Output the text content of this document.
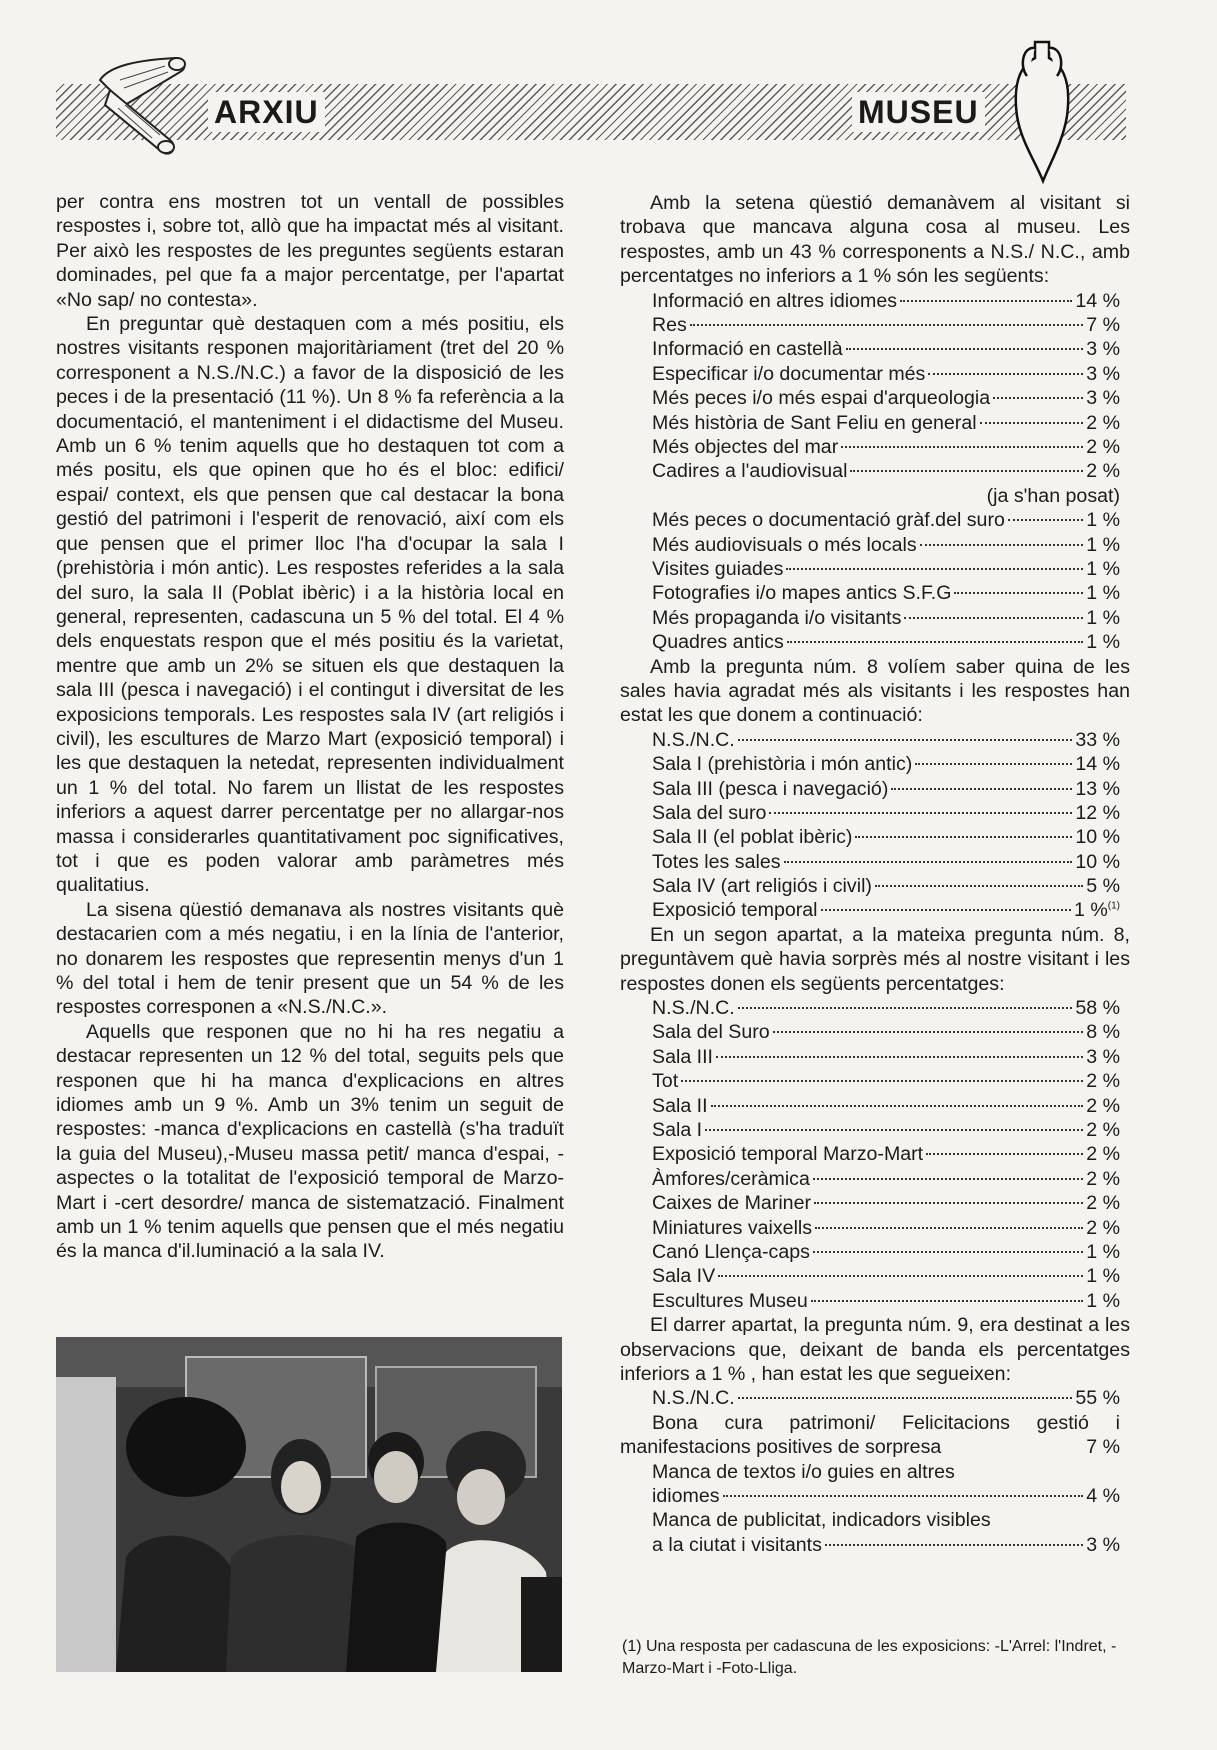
ARXIU	MUSEU

per contra ens mostren tot un ventall de possibles respostes i, sobre tot, allò que ha impactat més al visitant. Per això les respostes de les preguntes següents estaran dominades, pel que fa a major percentatge, per l'apartat «No sap/ no contesta».

En preguntar què destaquen com a més positiu, els nostres visitants responen majoritàriament (tret del 20 % corresponent a N.S./N.C.) a favor de la disposició de les peces i de la presentació (11 %). Un 8 % fa referència a la documentació, el manteniment i el didactisme del Museu. Amb un 6 % tenim aquells que ho destaquen tot com a més positu, els que opinen que ho és el bloc: edifici/ espai/ context, els que pensen que cal destacar la bona gestió del patrimoni i l'esperit de renovació, així com els que pensen que el primer lloc l'ha d'ocupar la sala I (prehistòria i món antic). Les respostes referides a la sala del suro, la sala II (Poblat ibèric) i a la història local en general, representen, cadascuna un 5 % del total. El 4 % dels enquestats respon que el més positiu és la varietat, mentre que amb un 2% se situen els que destaquen la sala III (pesca i navegació) i el contingut i diversitat de les exposicions temporals. Les respostes sala IV (art religiós i civil), les escultures de Marzo Mart (exposició temporal) i les que destaquen la netedat, representen individualment un 1 % del total. No farem un llistat de les respostes inferiors a aquest darrer percentatge per no allargar-nos massa i considerarles quantitativament poc significatives, tot i que es poden valorar amb paràmetres més qualitatius.

La sisena qüestió demanava als nostres visitants què destacarien com a més negatiu, i en la línia de l'anterior, no donarem les respostes que representin menys d'un 1 % del total i hem de tenir present que un 54 % de les respostes corresponen a «N.S./N.C.».

Aquells que responen que no hi ha res negatiu a destacar representen un 12 % del total, seguits pels que responen que hi ha manca d'explicacions en altres idiomes amb un 9 %. Amb un 3% tenim un seguit de respostes: -manca d'explicacions en castellà (s'ha traduït la guia del Museu),-Museu massa petit/ manca d'espai, -aspectes o la totalitat de l'exposició temporal de Marzo-Mart i -cert desordre/ manca de sistematzació. Finalment amb un 1 % tenim aquells que pensen que el més negatiu és la manca d'il.luminació a la sala IV.

Amb la setena qüestió demanàvem al visitant si trobava que mancava alguna cosa al museu. Les respostes, amb un 43 % corresponents a N.S./ N.C., amb percentatges no inferiors a 1 % són les següents:

Informació en altres idiomes	14 %
Res	7 %
Informació en castellà	3 %
Especificar i/o documentar més	3 %
Més peces i/o més espai d'arqueologia	3 %
Més història de Sant Feliu en general	2 %
Més objectes del mar	2 %
Cadires a l'audiovisual	2 %
(ja s'han posat)
Més peces o documentació gràf.del suro	1 %
Més audiovisuals o més locals	1 %
Visites guiades	1 %
Fotografies i/o mapes antics S.F.G	1 %
Més propaganda i/o visitants	1 %
Quadres antics	1 %

Amb la pregunta núm. 8 volíem saber quina de les sales havia agradat més als visitants i les respostes han estat les que donem a continuació:

N.S./N.C.	33 %
Sala I (prehistòria i món antic)	14 %
Sala III (pesca i navegació)	13 %
Sala del suro	12 %
Sala II (el poblat ibèric)	10 %
Totes les sales	10 %
Sala IV (art religiós i civil)	5 %
Exposició temporal	1 %$^{(1)}$

En un segon apartat, a la mateixa pregunta núm. 8, preguntàvem què havia sorprès més al nostre visitant i les respostes donen els següents percentatges:

N.S./N.C.	58 %
Sala del Suro	8 %
Sala III	3 %
Tot	2 %
Sala II	2 %
Sala I	2 %
Exposició temporal Marzo-Mart	2 %
Àmfores/ceràmica	2 %
Caixes de Mariner	2 %
Miniatures vaixells	2 %
Canó Llença-caps	1 %
Sala IV	1 %
Escultures Museu	1 %

El darrer apartat, la pregunta núm. 9, era destinat a les observacions que, deixant de banda els percentatges inferiors a 1 % , han estat les que segueixen:

N.S./N.C.	55 %
Bona cura patrimoni/ Felicitacions gestió i manifestacions positives de sorpresa	7 %
Manca de textos i/o guies en altres
idiomes	4 %
Manca de publicitat, indicadors visibles
a la ciutat i visitants	3 %
(1) Una resposta per cadascuna de les exposicions: -L'Arrel: l'Indret, -Marzo-Mart i -Foto-Lliga.
